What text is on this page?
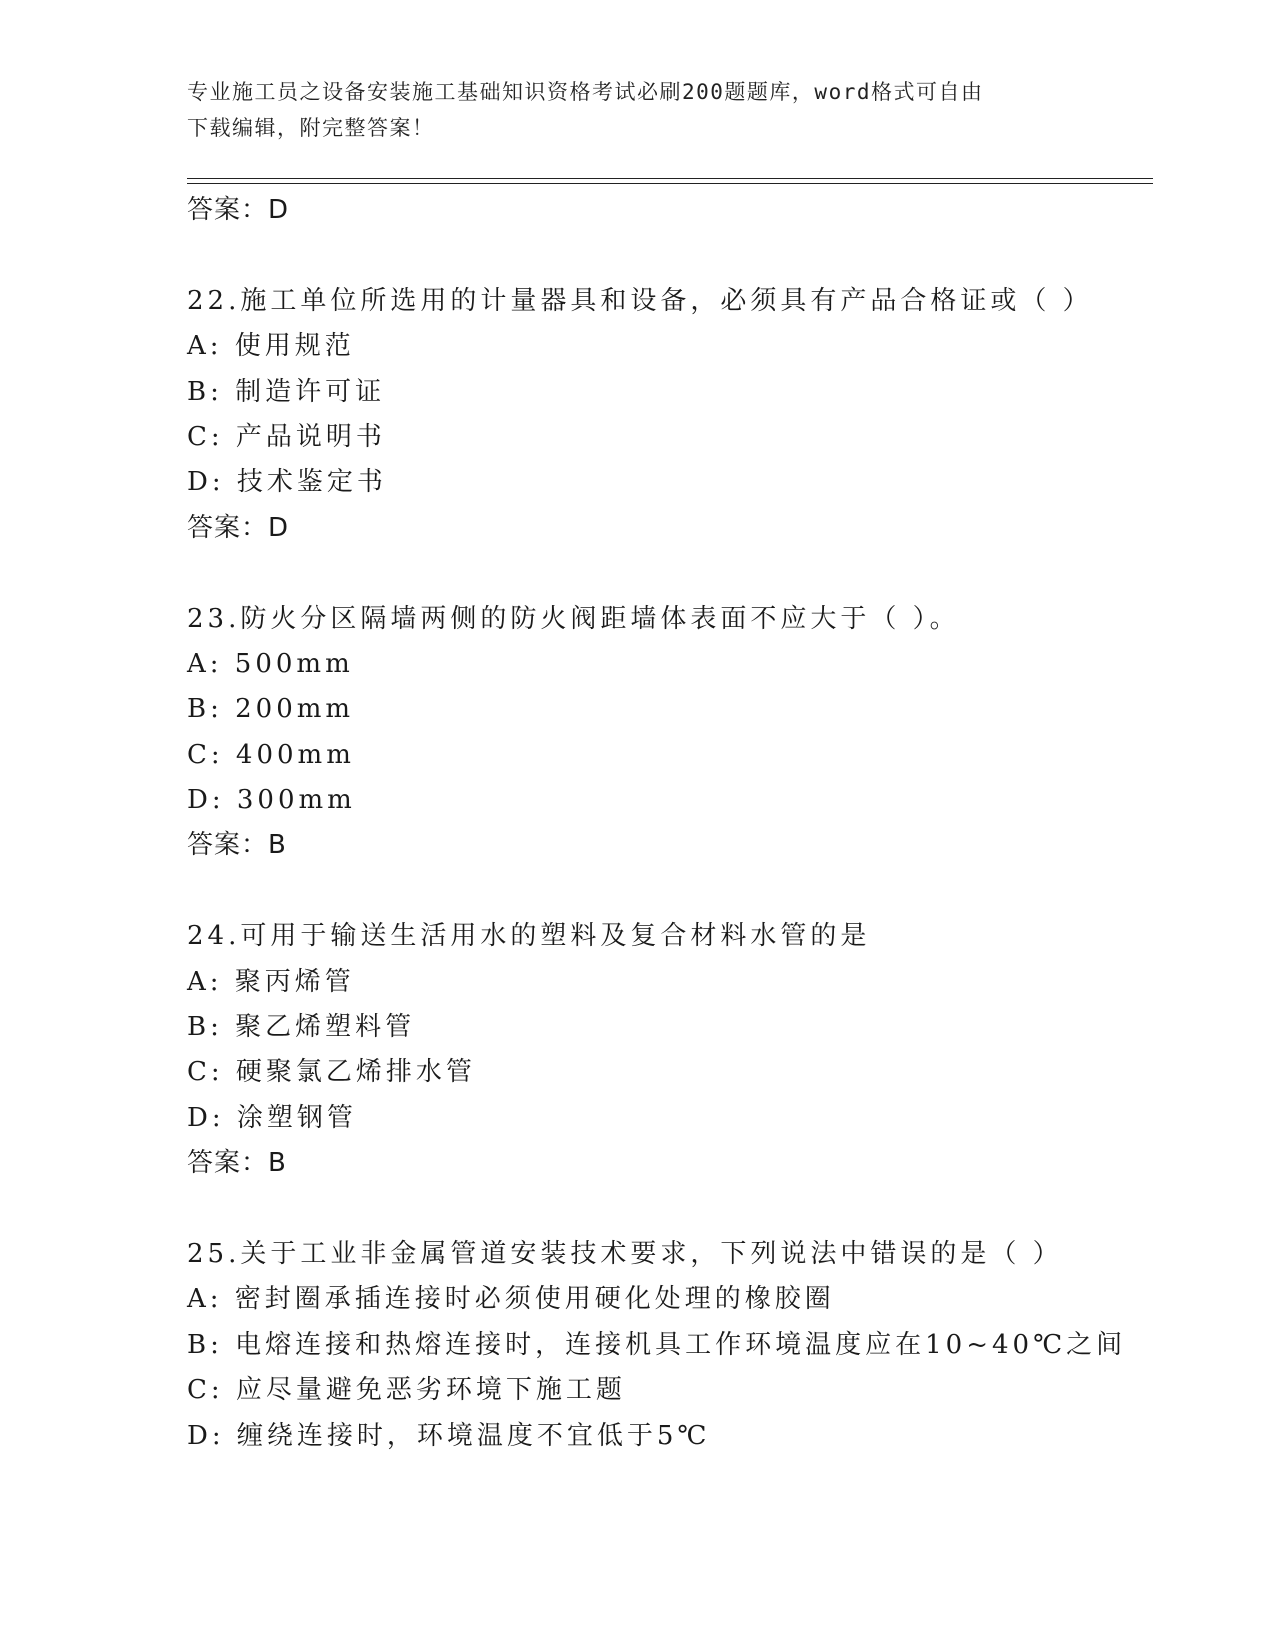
专业施工员之设备安装施工基础知识资格考试必刷200题题库，word格式可自由
下载编辑，附完整答案！
答案：D
22.施工单位所选用的计量器具和设备，必须具有产品合格证或（ ）
A: 使用规范
B: 制造许可证
C: 产品说明书
D: 技术鉴定书
答案：D
23.防火分区隔墙两侧的防火阀距墙体表面不应大于（ ）。
A: 500mm
B: 200mm
C: 400mm
D: 300mm
答案：B
24.可用于输送生活用水的塑料及复合材料水管的是
A: 聚丙烯管
B: 聚乙烯塑料管
C: 硬聚氯乙烯排水管
D: 涂塑钢管
答案：B
25.关于工业非金属管道安装技术要求，下列说法中错误的是（ ）
A: 密封圈承插连接时必须使用硬化处理的橡胶圈
B: 电熔连接和热熔连接时，连接机具工作环境温度应在10~40℃之间
C: 应尽量避免恶劣环境下施工题
D: 缠绕连接时，环境温度不宜低于5℃
